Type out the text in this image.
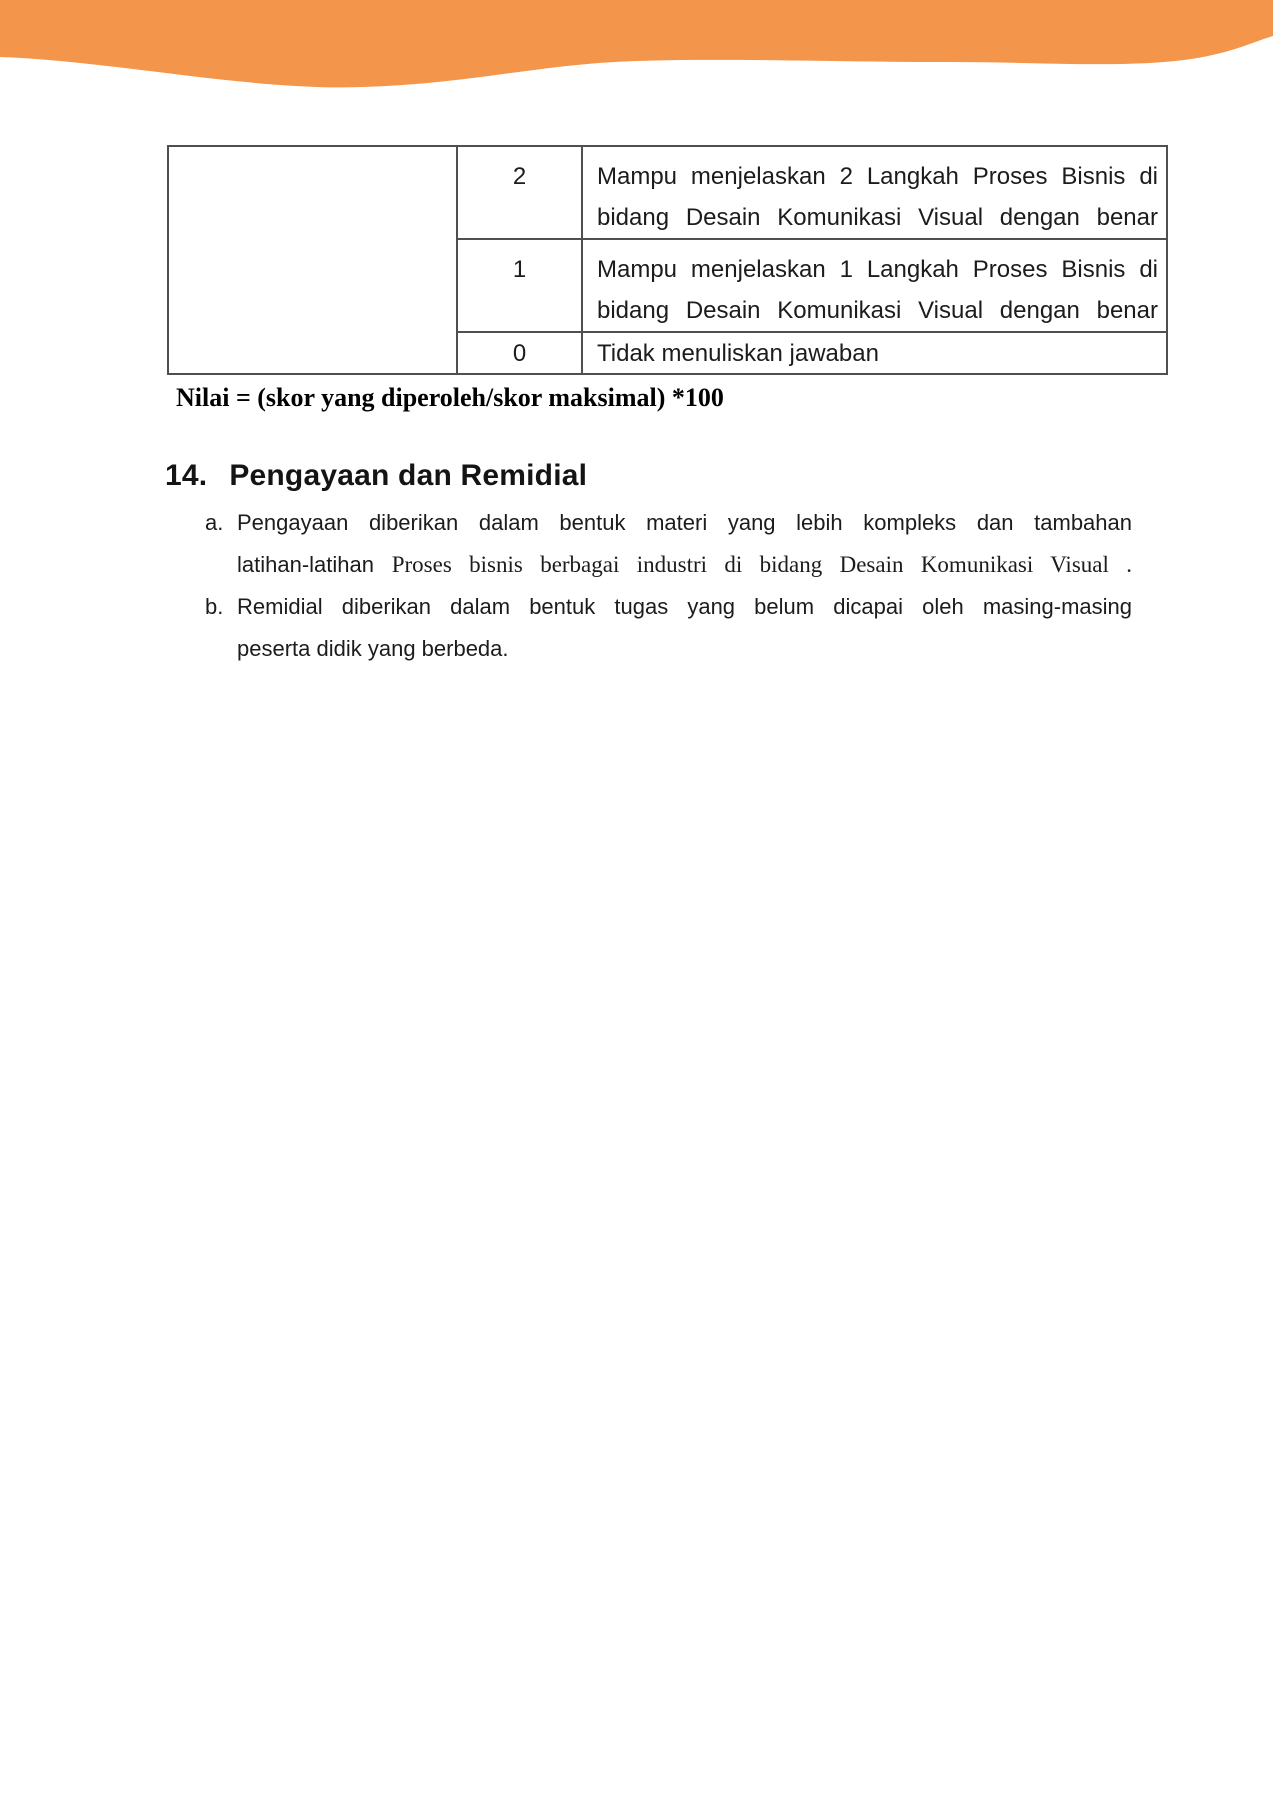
	2	Mampu menjelaskan 2 Langkah Proses Bisnis di
bidang Desain Komunikasi Visual dengan benar

	1	Mampu menjelaskan 1 Langkah Proses Bisnis di
bidang Desain Komunikasi Visual dengan benar

	0	Tidak menuliskan jawaban
Nilai = (skor yang diperoleh/skor maksimal) *100
14. Pengayaan dan Remidial
a. Pengayaan diberikan dalam bentuk materi yang lebih kompleks dan tambahan
latihan-latihan Proses bisnis berbagai industri di bidang Desain Komunikasi Visual .
b. Remidial diberikan dalam bentuk tugas yang belum dicapai oleh masing-masing
peserta didik yang berbeda.
